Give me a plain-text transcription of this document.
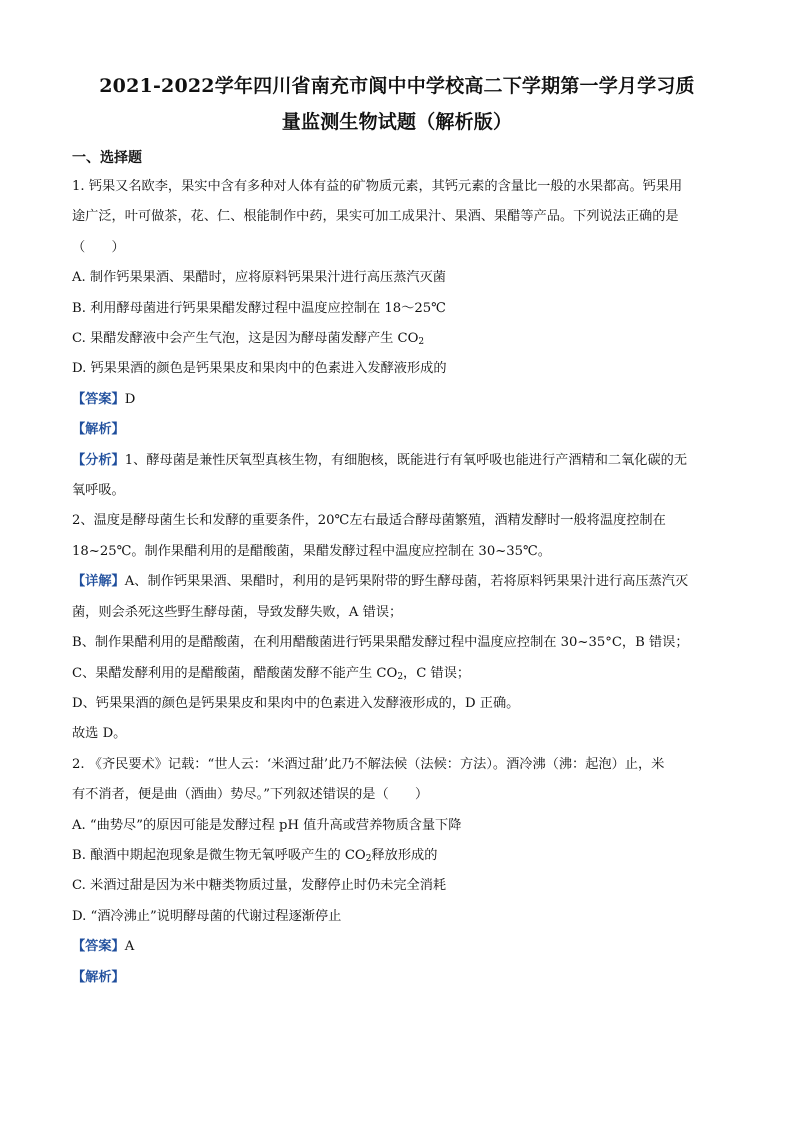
2021-2022学年四川省南充市阆中中学校高二下学期第一学月学习质
量监测生物试题（解析版）
一、选择题

1. 钙果又名欧李，果实中含有多种对人体有益的矿物质元素，其钙元素的含量比一般的水果都高。钙果用

途广泛，叶可做茶，花、仁、根能制作中药，果实可加工成果汁、果酒、果醋等产品。下列说法正确的是

（　　）

A. 制作钙果果酒、果醋时，应将原料钙果果汁进行高压蒸汽灭菌

B. 利用酵母菌进行钙果果醋发酵过程中温度应控制在 18～25℃

C. 果醋发酵液中会产生气泡，这是因为酵母菌发酵产生 $CO_2$

D. 钙果果酒的颜色是钙果果皮和果肉中的色素进入发酵液形成的

【答案】D

【解析】

【分析】1、酵母菌是兼性厌氧型真核生物，有细胞核，既能进行有氧呼吸也能进行产酒精和二氧化碳的无

氧呼吸。

2、温度是酵母菌生长和发酵的重要条件，20℃左右最适合酵母菌繁殖，酒精发酵时一般将温度控制在

18~25℃。制作果醋利用的是醋酸菌，果醋发酵过程中温度应控制在 30~35℃。

【详解】A、制作钙果果酒、果醋时，利用的是钙果附带的野生酵母菌，若将原料钙果果汁进行高压蒸汽灭

菌，则会杀死这些野生酵母菌，导致发酵失败，A 错误；

B、制作果醋利用的是醋酸菌，在利用醋酸菌进行钙果果醋发酵过程中温度应控制在 30~35°C，B 错误；

C、果醋发酵利用的是醋酸菌，醋酸菌发酵不能产生 $CO_2$，C 错误；

D、钙果果酒的颜色是钙果果皮和果肉中的色素进入发酵液形成的，D 正确。

故选 D。

2. 《齐民要术》记载：“世人云：‘米酒过甜’此乃不解法候（法候：方法）。酒冷沸（沸：起泡）止，米

有不消者，便是曲（酒曲）势尽。”下列叙述错误的是（　　）

A. “曲势尽”的原因可能是发酵过程 pH 值升高或营养物质含量下降

B. 酿酒中期起泡现象是微生物无氧呼吸产生的 $CO_2$释放形成的

C. 米酒过甜是因为米中糖类物质过量，发酵停止时仍未完全消耗

D. “酒冷沸止”说明酵母菌的代谢过程逐渐停止

【答案】A

【解析】
